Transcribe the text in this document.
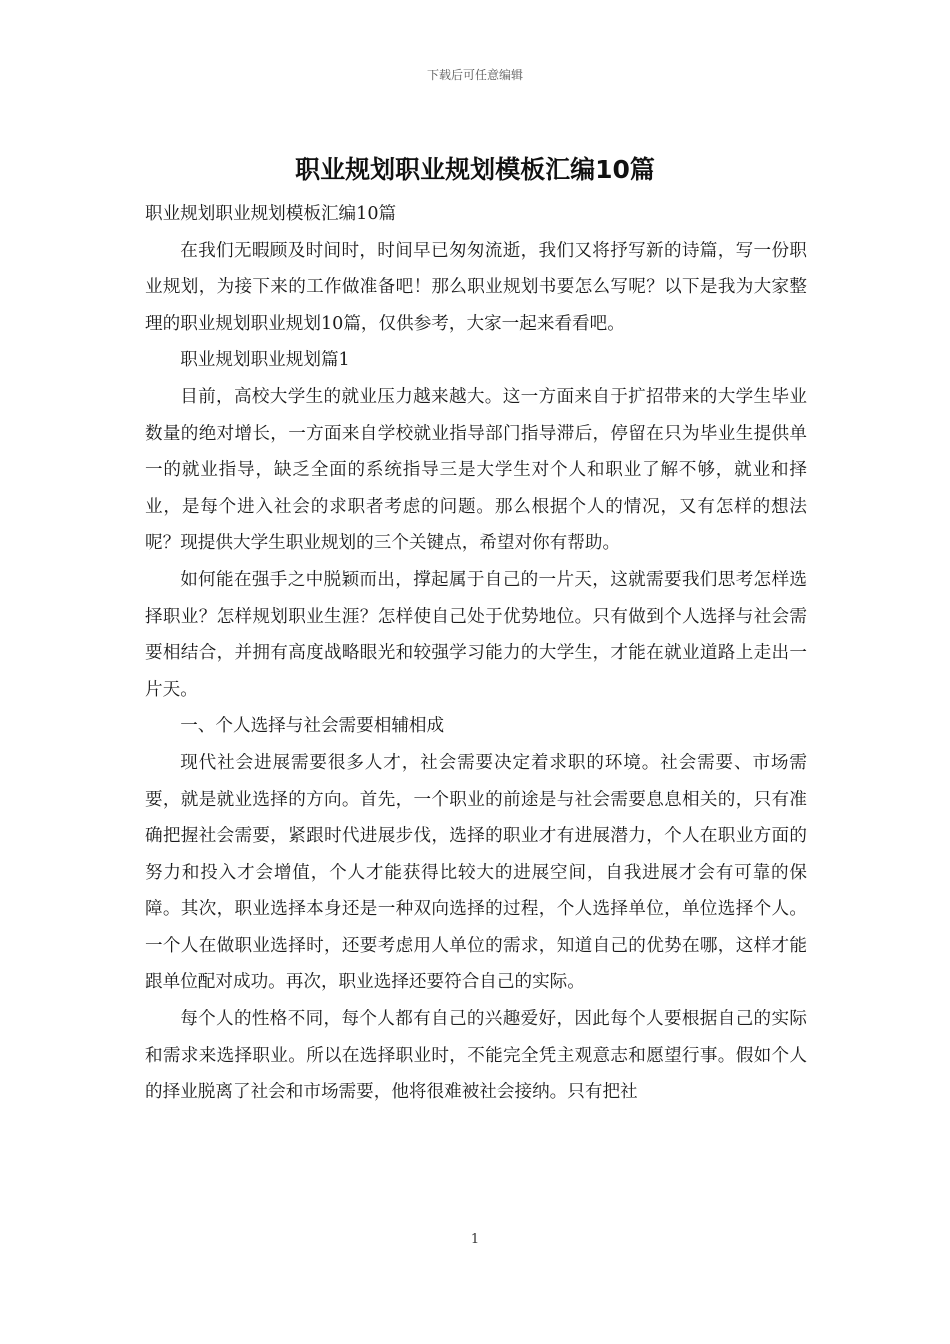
下载后可任意编辑
职业规划职业规划模板汇编10篇

职业规划职业规划模板汇编10篇

在我们无暇顾及时间时，时间早已匆匆流逝，我们又将抒写新的诗篇，写一份职业规划，为接下来的工作做准备吧！那么职业规划书要怎么写呢？以下是我为大家整理的职业规划职业规划10篇，仅供参考，大家一起来看看吧。

职业规划职业规划篇1

目前，高校大学生的就业压力越来越大。这一方面来自于扩招带来的大学生毕业数量的绝对增长，一方面来自学校就业指导部门指导滞后，停留在只为毕业生提供单一的就业指导，缺乏全面的系统指导三是大学生对个人和职业了解不够，就业和择业，是每个进入社会的求职者考虑的问题。那么根据个人的情况，又有怎样的想法呢？现提供大学生职业规划的三个关键点，希望对你有帮助。

如何能在强手之中脱颖而出，撑起属于自己的一片天，这就需要我们思考怎样选择职业？怎样规划职业生涯？怎样使自己处于优势地位。只有做到个人选择与社会需要相结合，并拥有高度战略眼光和较强学习能力的大学生，才能在就业道路上走出一片天。

一、个人选择与社会需要相辅相成

现代社会进展需要很多人才，社会需要决定着求职的环境。社会需要、市场需要，就是就业选择的方向。首先，一个职业的前途是与社会需要息息相关的，只有准确把握社会需要，紧跟时代进展步伐，选择的职业才有进展潜力，个人在职业方面的努力和投入才会增值，个人才能获得比较大的进展空间，自我进展才会有可靠的保障。其次，职业选择本身还是一种双向选择的过程，个人选择单位，单位选择个人。一个人在做职业选择时，还要考虑用人单位的需求，知道自己的优势在哪，这样才能跟单位配对成功。再次，职业选择还要符合自己的实际。

每个人的性格不同，每个人都有自己的兴趣爱好，因此每个人要根据自己的实际和需求来选择职业。所以在选择职业时，不能完全凭主观意志和愿望行事。假如个人的择业脱离了社会和市场需要，他将很难被社会接纳。只有把社

1
